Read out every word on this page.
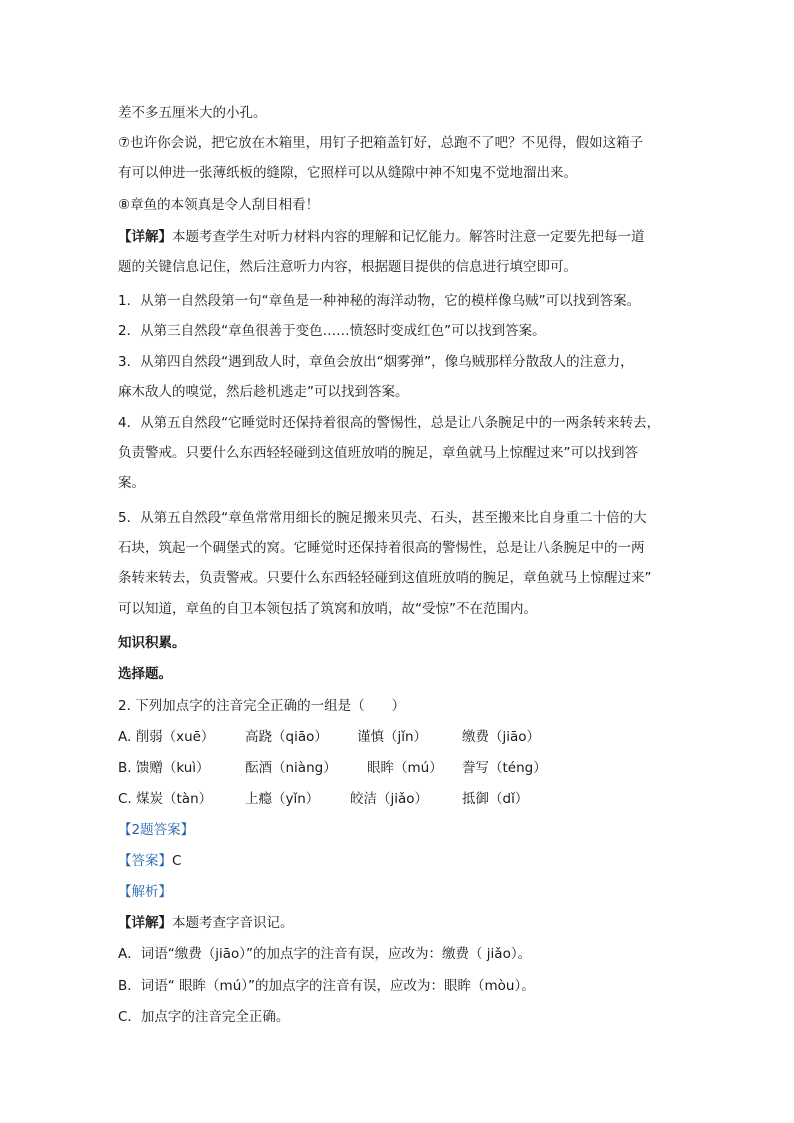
差不多五厘米大的小孔。
⑦也许你会说，把它放在木箱里，用钉子把箱盖钉好，总跑不了吧？不见得，假如这箱子
有可以伸进一张薄纸板的缝隙，它照样可以从缝隙中神不知鬼不觉地溜出来。
⑧章鱼的本领真是令人刮目相看！
【详解】本题考查学生对听力材料内容的理解和记忆能力。解答时注意一定要先把每一道
题的关键信息记住，然后注意听力内容，根据题目提供的信息进行填空即可。
1．从第一自然段第一句“章鱼是一种神秘的海洋动物，它的模样像乌贼”可以找到答案。
2．从第三自然段“章鱼很善于变色……愤怒时变成红色”可以找到答案。
3．从第四自然段“遇到敌人时，章鱼会放出“烟雾弹”，像乌贼那样分散敌人的注意力，
麻木敌人的嗅觉，然后趁机逃走”可以找到答案。
4．从第五自然段“它睡觉时还保持着很高的警惕性，总是让八条腕足中的一两条转来转去，
负责警戒。只要什么东西轻轻碰到这值班放哨的腕足，章鱼就马上惊醒过来”可以找到答
案。
5．从第五自然段“章鱼常常用细长的腕足搬来贝壳、石头，甚至搬来比自身重二十倍的大
石块，筑起一个碉堡式的窝。它睡觉时还保持着很高的警惕性，总是让八条腕足中的一两
条转来转去，负责警戒。只要什么东西轻轻碰到这值班放哨的腕足，章鱼就马上惊醒过来”
可以知道，章鱼的自卫本领包括了筑窝和放哨，故“受惊”不在范围内。
知识积累。
选择题。
2. 下列加点字的注音完全正确的一组是（　　）
A. 削弱（xuē） 高跷（qiāo） 谨慎（jǐn）	缴费（jiāo）
B. 馈赠（kuì）	酝酒（niàng） 眼眸（mú） 誊写（téng）
C. 煤炭（tàn） 上瘾（yǐn） 皎洁（jiǎo）	抵御（dǐ）
【2题答案】
【答案】C
【解析】
【详解】本题考查字音识记。
A．词语“缴费（jiāo）”的加点字的注音有误，应改为：缴费（ jiǎo）。
B．词语“ 眼眸（mú）”的加点字的注音有误，应改为：眼眸（mòu）。
C．加点字的注音完全正确。
